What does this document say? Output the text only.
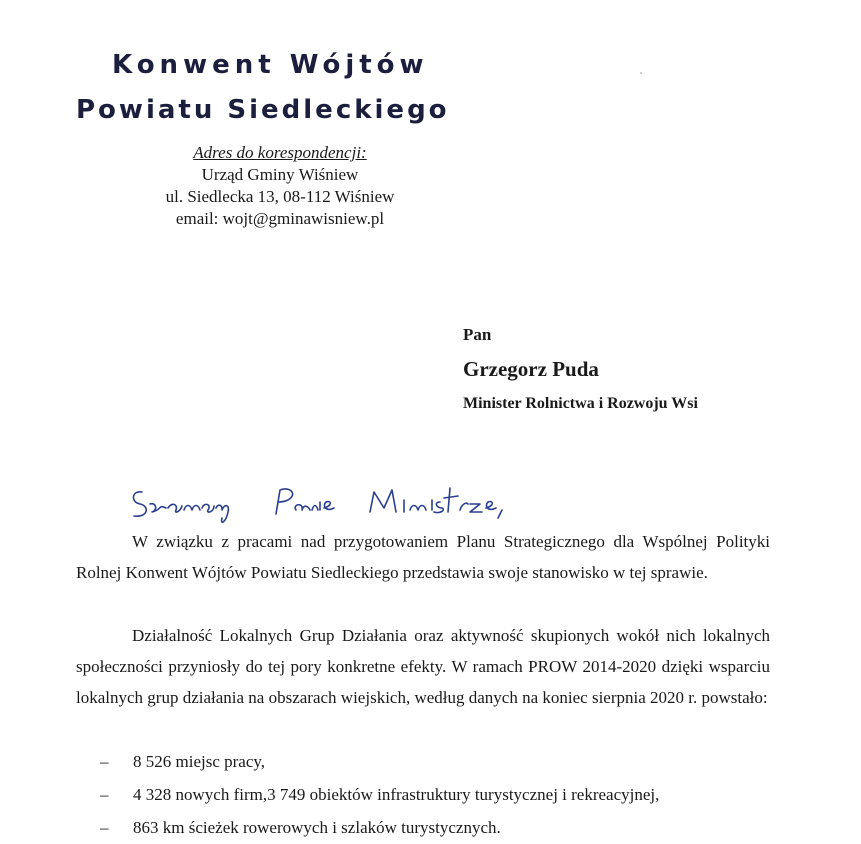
Konwent Wójtów
Powiatu Siedleckiego
Adres do korespondencji:
Urząd Gminy Wiśniew
ul. Siedlecka 13, 08-112 Wiśniew
email: wojt@gminawisniew.pl
Pan
Grzegorz Puda
Minister Rolnictwa i Rozwoju Wsi
W związku z pracami nad przygotowaniem Planu Strategicznego dla Wspólnej Polityki Rolnej Konwent Wójtów Powiatu Siedleckiego przedstawia swoje stanowisko w tej sprawie.
Działalność Lokalnych Grup Działania oraz aktywność skupionych wokół nich lokalnych społeczności przyniosły do tej pory konkretne efekty. W ramach PROW 2014-2020 dzięki wsparciu lokalnych grup działania na obszarach wiejskich, według danych na koniec sierpnia 2020 r. powstało:
– 8 526 miejsc pracy,
– 4 328 nowych firm,3 749 obiektów infrastruktury turystycznej i rekreacyjnej,
– 863 km ścieżek rowerowych i szlaków turystycznych.
